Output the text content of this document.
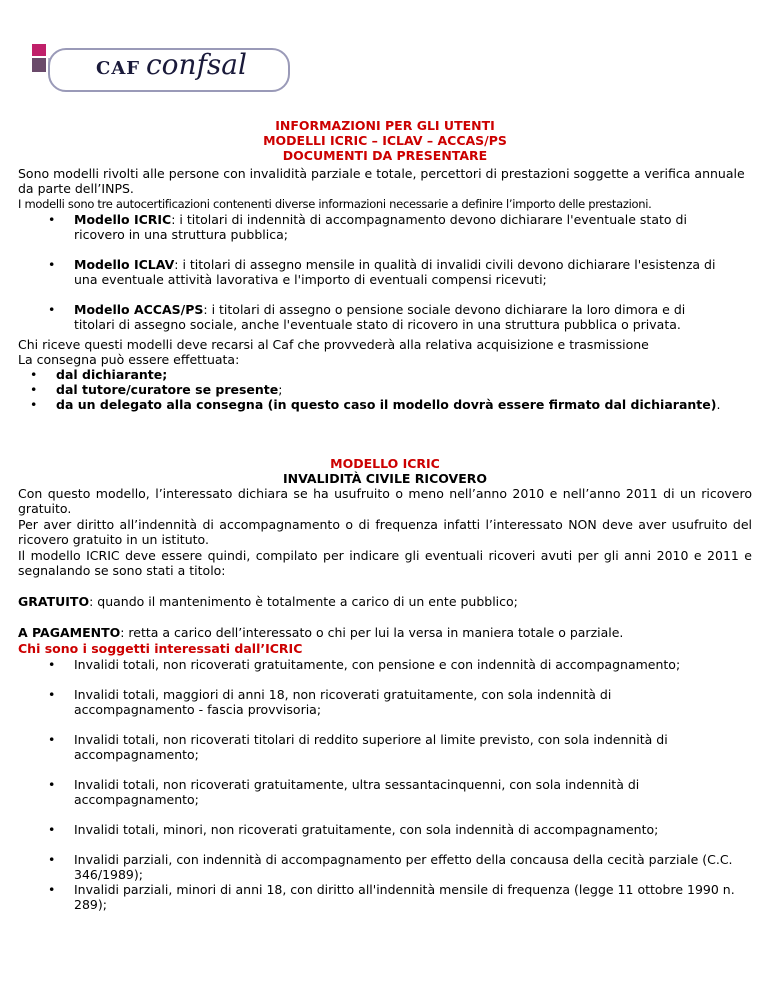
CAF confsal
INFORMAZIONI PER GLI UTENTI
MODELLI ICRIC – ICLAV – ACCAS/PS
DOCUMENTI DA PRESENTARE
Sono modelli rivolti alle persone con invalidità parziale e totale, percettori di prestazioni soggette a verifica annuale da parte dell’INPS.
I modelli sono tre autocertificazioni contenenti diverse informazioni necessarie a definire l’importo delle prestazioni.
• Modello ICRIC: i titolari di indennità di accompagnamento devono dichiarare l'eventuale stato di ricovero in una struttura pubblica;
• Modello ICLAV: i titolari di assegno mensile in qualità di invalidi civili devono dichiarare l'esistenza di una eventuale attività lavorativa e l'importo di eventuali compensi ricevuti;
• Modello ACCAS/PS: i titolari di assegno o pensione sociale devono dichiarare la loro dimora e di titolari di assegno sociale, anche l'eventuale stato di ricovero in una struttura pubblica o privata.
Chi riceve questi modelli deve recarsi al Caf che provvederà alla relativa acquisizione e trasmissione
La consegna può essere effettuata:
• dal dichiarante;
• dal tutore/curatore se presente;
• da un delegato alla consegna (in questo caso il modello dovrà essere firmato dal dichiarante).
MODELLO ICRIC
INVALIDITÀ CIVILE RICOVERO
Con questo modello, l’interessato dichiara se ha usufruito o meno nell’anno 2010 e nell’anno 2011 di un ricovero gratuito.
Per aver diritto all’indennità di accompagnamento o di frequenza infatti l’interessato NON deve aver usufruito del ricovero gratuito in un istituto.
Il modello ICRIC deve essere quindi, compilato per indicare gli eventuali ricoveri avuti per gli anni 2010 e 2011 e segnalando se sono stati a titolo:
GRATUITO: quando il mantenimento è totalmente a carico di un ente pubblico;
A PAGAMENTO: retta a carico dell’interessato o chi per lui la versa in maniera totale o parziale.
Chi sono i soggetti interessati dall’ICRIC
• Invalidi totali, non ricoverati gratuitamente, con pensione e con indennità di accompagnamento;
• Invalidi totali, maggiori di anni 18, non ricoverati gratuitamente, con sola indennità di accompagnamento - fascia provvisoria;
• Invalidi totali, non ricoverati titolari di reddito superiore al limite previsto, con sola indennità di accompagnamento;
• Invalidi totali, non ricoverati gratuitamente, ultra sessantacinquenni, con sola indennità di accompagnamento;
• Invalidi totali, minori, non ricoverati gratuitamente, con sola indennità di accompagnamento;
• Invalidi parziali, con indennità di accompagnamento per effetto della concausa della cecità parziale (C.C. 346/1989);
• Invalidi parziali, minori di anni 18, con diritto all'indennità mensile di frequenza (legge 11 ottobre 1990 n. 289);
